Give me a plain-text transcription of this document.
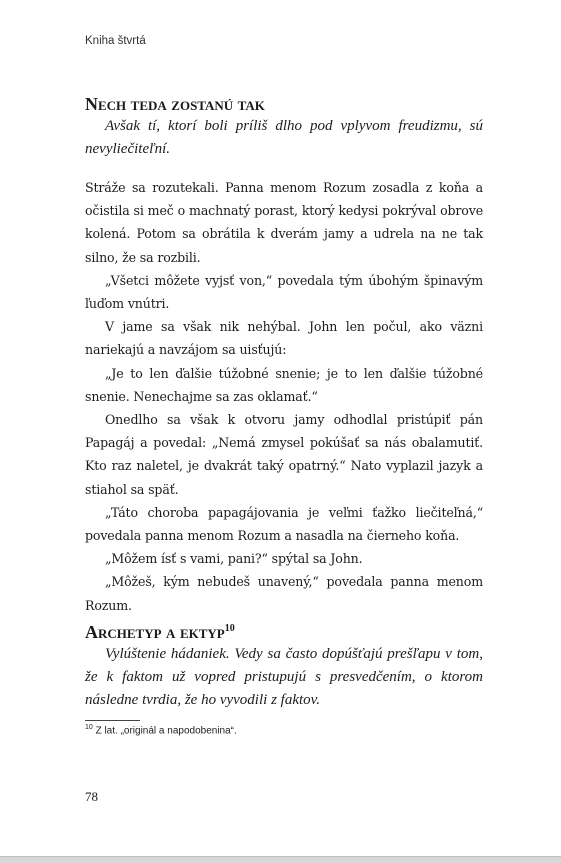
Kniha štvrtá
Nech teda zostanú tak

Avšak tí, ktorí boli príliš dlho pod vplyvom freudizmu, sú nevyliečiteľní.

Stráže sa rozutekali. Panna menom Rozum zosadla z koňa a očistila si meč o machnatý porast, ktorý kedysi pokrýval obrove kolená. Potom sa obrátila k dverám jamy a udrela na ne tak silno, že sa rozbili.

„Všetci môžete vyjsť von,“ povedala tým úbohým špinavým ľuďom vnútri.

V jame sa však nik nehýbal. John len počul, ako väzni nariekajú a navzájom sa uisťujú:

„Je to len ďalšie túžobné snenie; je to len ďalšie túžobné snenie. Nenechajme sa zas oklamať.“

Onedlho sa však k otvoru jamy odhodlal pristúpiť pán Papagáj a povedal: „Nemá zmysel pokúšať sa nás obalamutiť. Kto raz naletel, je dvakrát taký opatrný.“ Nato vyplazil jazyk a stiahol sa späť.

„Táto choroba papagájovania je veľmi ťažko liečiteľná,“ povedala panna menom Rozum a nasadla na čierneho koňa.

„Môžem ísť s vami, pani?“ spýtal sa John.

„Môžeš, kým nebudeš unavený,“ povedala panna menom Rozum.

Archetyp a ektyp$^{10}$

Vylúštenie hádaniek. Vedy sa často dopúšťajú prešľapu v tom, že k faktom už vopred pristupujú s presvedčením, o ktorom následne tvrdia, že ho vyvodili z faktov.

$^{10}$ Z lat. „originál a napodobenina“.
78
